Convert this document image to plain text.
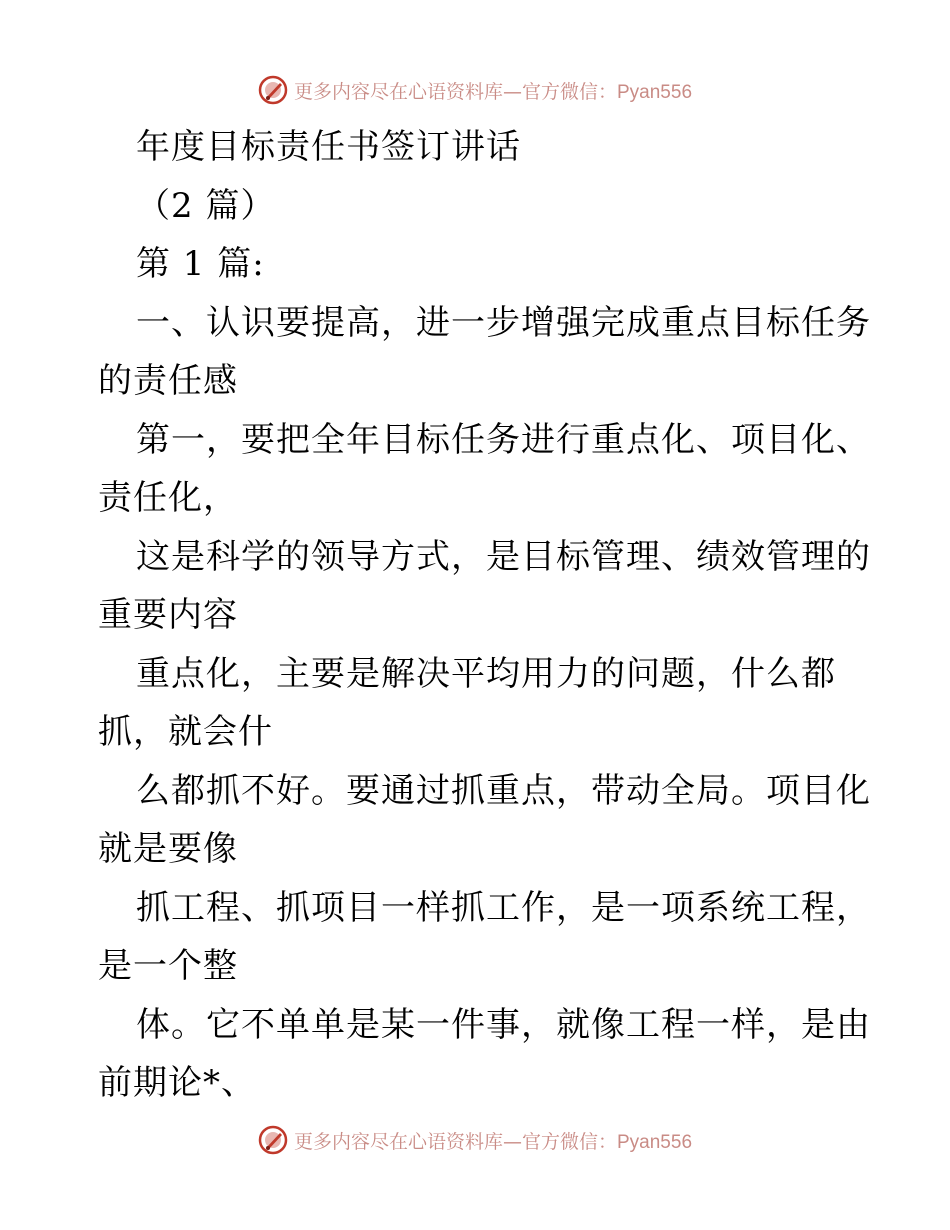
更多内容尽在心语资料库—官方微信：Pyan556
年度目标责任书签订讲话
（2 篇）
第 1 篇:
一、认识要提高，进一步增强完成重点目标任务
的责任感
第一，要把全年目标任务进行重点化、项目化、
责任化，
这是科学的领导方式，是目标管理、绩效管理的
重要内容
重点化，主要是解决平均用力的问题，什么都
抓，就会什
么都抓不好。要通过抓重点，带动全局。项目化
就是要像
抓工程、抓项目一样抓工作，是一项系统工程，
是一个整
体。它不单单是某一件事，就像工程一样，是由
前期论*、
更多内容尽在心语资料库—官方微信：Pyan556
